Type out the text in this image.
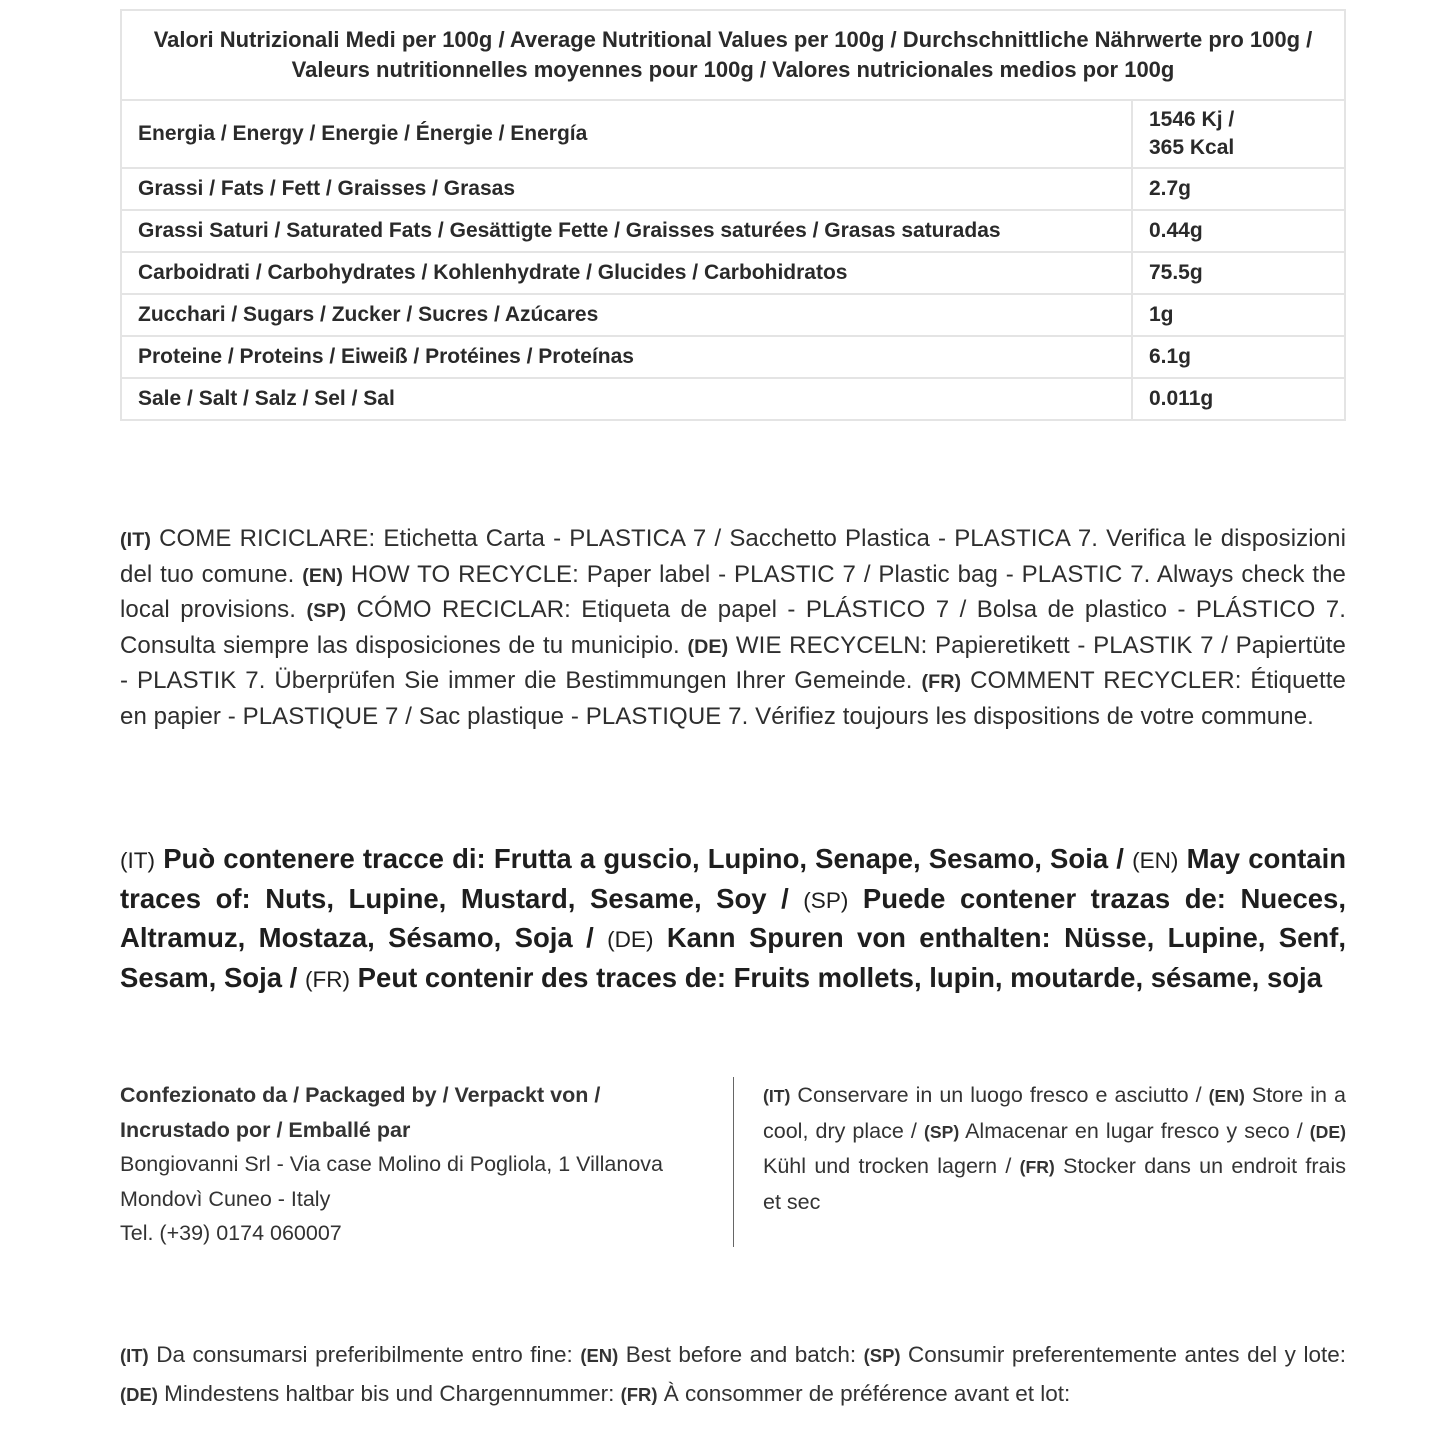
Valori Nutrizionali Medi per 100g / Average Nutritional Values per 100g / Durchschnittliche Nährwerte pro 100g / Valeurs nutritionnelles moyennes pour 100g / Valores nutricionales medios por 100g	
Energia / Energy / Energie / Énergie / Energía	1546 Kj /
365 Kcal

Grassi / Fats / Fett / Graisses / Grasas	2.7g
Grassi Saturi / Saturated Fats / Gesättigte Fette / Graisses saturées / Grasas saturadas	0.44g
Carboidrati / Carbohydrates / Kohlenhydrate / Glucides / Carbohidratos	75.5g
Zucchari / Sugars / Zucker / Sucres / Azúcares	1g
Proteine / Proteins / Eiweiß / Protéines / Proteínas	6.1g
Sale / Salt / Salz / Sel / Sal	0.011g

(IT) COME RICICLARE: Etichetta Carta - PLASTICA 7 / Sacchetto Plastica - PLASTICA 7. Verifica le disposizioni del tuo comune. (EN) HOW TO RECYCLE: Paper label - PLASTIC 7 / Plastic bag - PLASTIC 7. Always check the local provisions. (SP) CÓMO RECICLAR: Etiqueta de papel - PLÁSTICO 7 / Bolsa de plastico - PLÁSTICO 7. Consulta siempre las disposiciones de tu municipio. (DE) WIE RECYCELN: Papieretikett - PLASTIK 7 / Papiertüte - PLASTIK 7. Überprüfen Sie immer die Bestimmungen Ihrer Gemeinde. (FR) COMMENT RECYCLER: Étiquette en papier - PLASTIQUE 7 / Sac plastique - PLASTIQUE 7. Vérifiez toujours les dispositions de votre commune.

(IT) Può contenere tracce di: Frutta a guscio, Lupino, Senape, Sesamo, Soia / (EN) May contain traces of: Nuts, Lupine, Mustard, Sesame, Soy / (SP) Puede contener trazas de: Nueces, Altramuz, Mostaza, Sésamo, Soja / (DE) Kann Spuren von enthalten: Nüsse, Lupine, Senf, Sesam, Soja / (FR) Peut contenir des traces de: Fruits mollets, lupin, moutarde, sésame, soja

Confezionato da / Packaged by / Verpackt von /
Incrustado por / Emballé par
Bongiovanni Srl - Via case Molino di Pogliola, 1 Villanova
Mondovì Cuneo - Italy
Tel. (+39) 0174 060007

(IT) Conservare in un luogo fresco e asciutto / (EN) Store in a cool, dry place / (SP) Almacenar en lugar fresco y seco / (DE) Kühl und trocken lagern / (FR) Stocker dans un endroit frais et sec

(IT) Da consumarsi preferibilmente entro fine: (EN) Best before and batch: (SP) Consumir preferentemente antes del y lote: (DE) Mindestens haltbar bis und Chargennummer: (FR) À consommer de préférence avant et lot:
